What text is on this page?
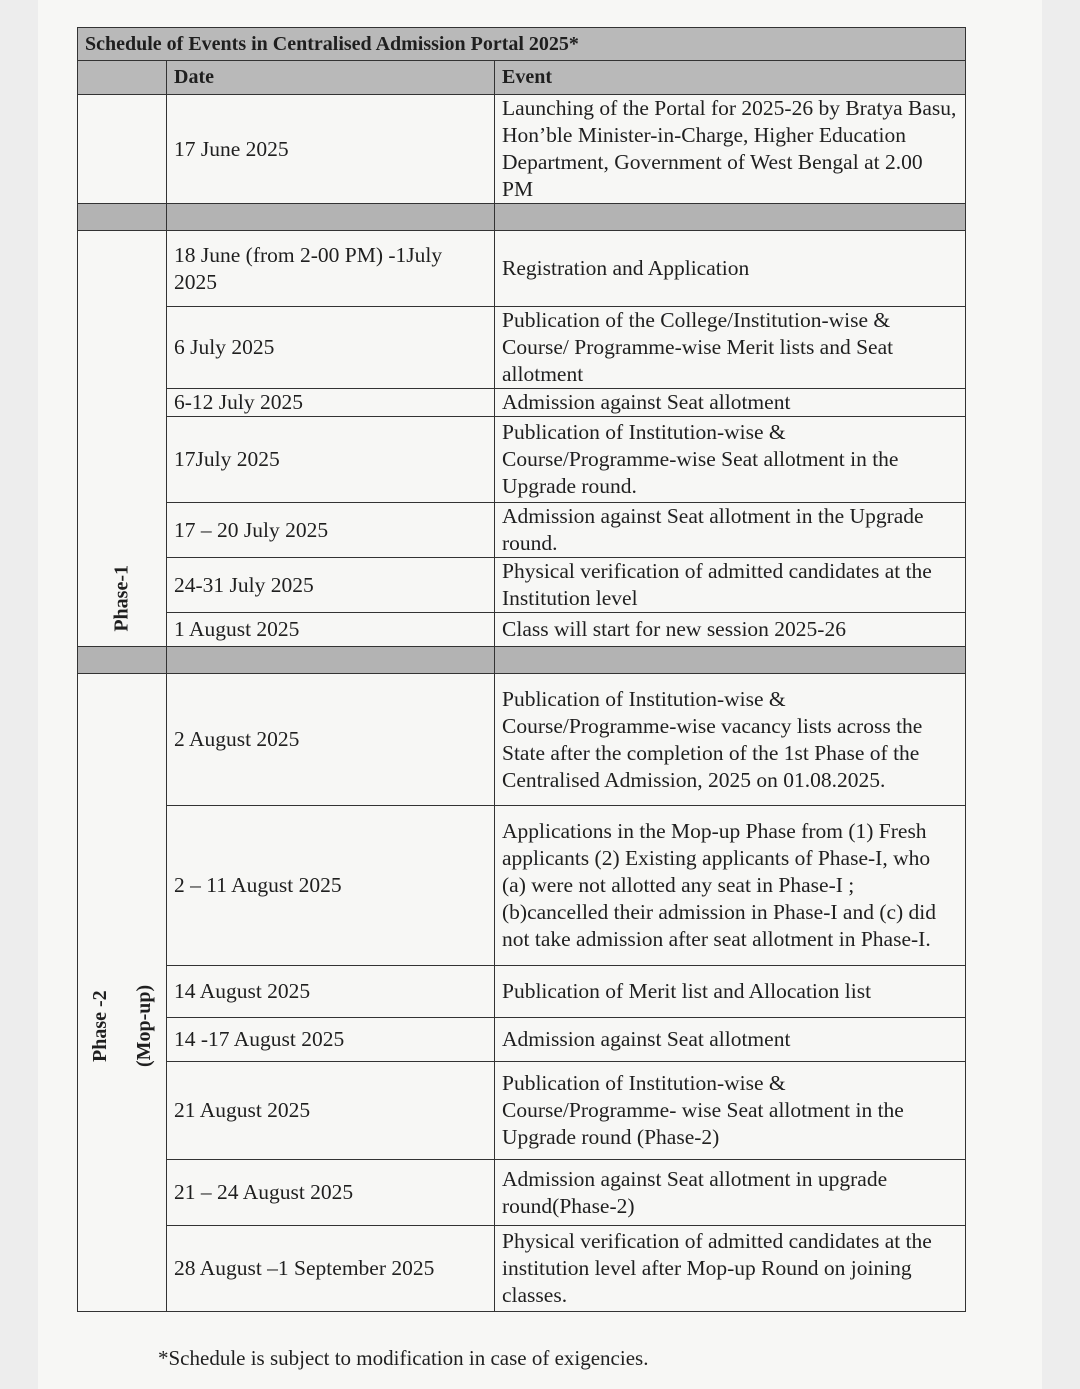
Schedule of Events in Centralised Admission Portal 2025*		
	Date	Event
	17 June 2025	Launching of the Portal for 2025-26 by Bratya Basu, Hon’ble Minister-in-Charge, Higher Education Department, Government of West Bengal at 2.00 PM

Phase-1	18 June (from 2-00 PM) -1July 2025	Registration and Application
	6 July 2025	Publication of the College/Institution-wise & Course/ Programme-wise Merit lists and Seat allotment
	6-12 July 2025	Admission against Seat allotment
	17July 2025	Publication of Institution-wise & Course/Programme-wise Seat allotment in the Upgrade round.
	17 – 20 July 2025	Admission against Seat allotment in the Upgrade round.
	24-31 July 2025	Physical verification of admitted candidates at the Institution level
	1 August 2025	Class will start for new session 2025-26

Phase -2
(Mop-up)	2 August 2025	Publication of Institution-wise & Course/Programme-wise vacancy lists across the State after the completion of the 1st Phase of the Centralised Admission, 2025 on 01.08.2025.
	2 – 11 August 2025	Applications in the Mop-up Phase from (1) Fresh applicants (2) Existing applicants of Phase-I, who (a) were not allotted any seat in Phase-I ; (b)cancelled their admission in Phase-I and (c) did not take admission after seat allotment in Phase-I.
	14 August 2025	Publication of Merit list and Allocation list
	14 -17 August 2025	Admission against Seat allotment
	21 August 2025	Publication of Institution-wise & Course/Programme- wise Seat allotment in the Upgrade round (Phase-2)
	21 – 24 August 2025	Admission against Seat allotment in upgrade round(Phase-2)
	28 August –1 September 2025	Physical verification of admitted candidates at the institution level after Mop-up Round on joining classes.
*Schedule is subject to modification in case of exigencies.
